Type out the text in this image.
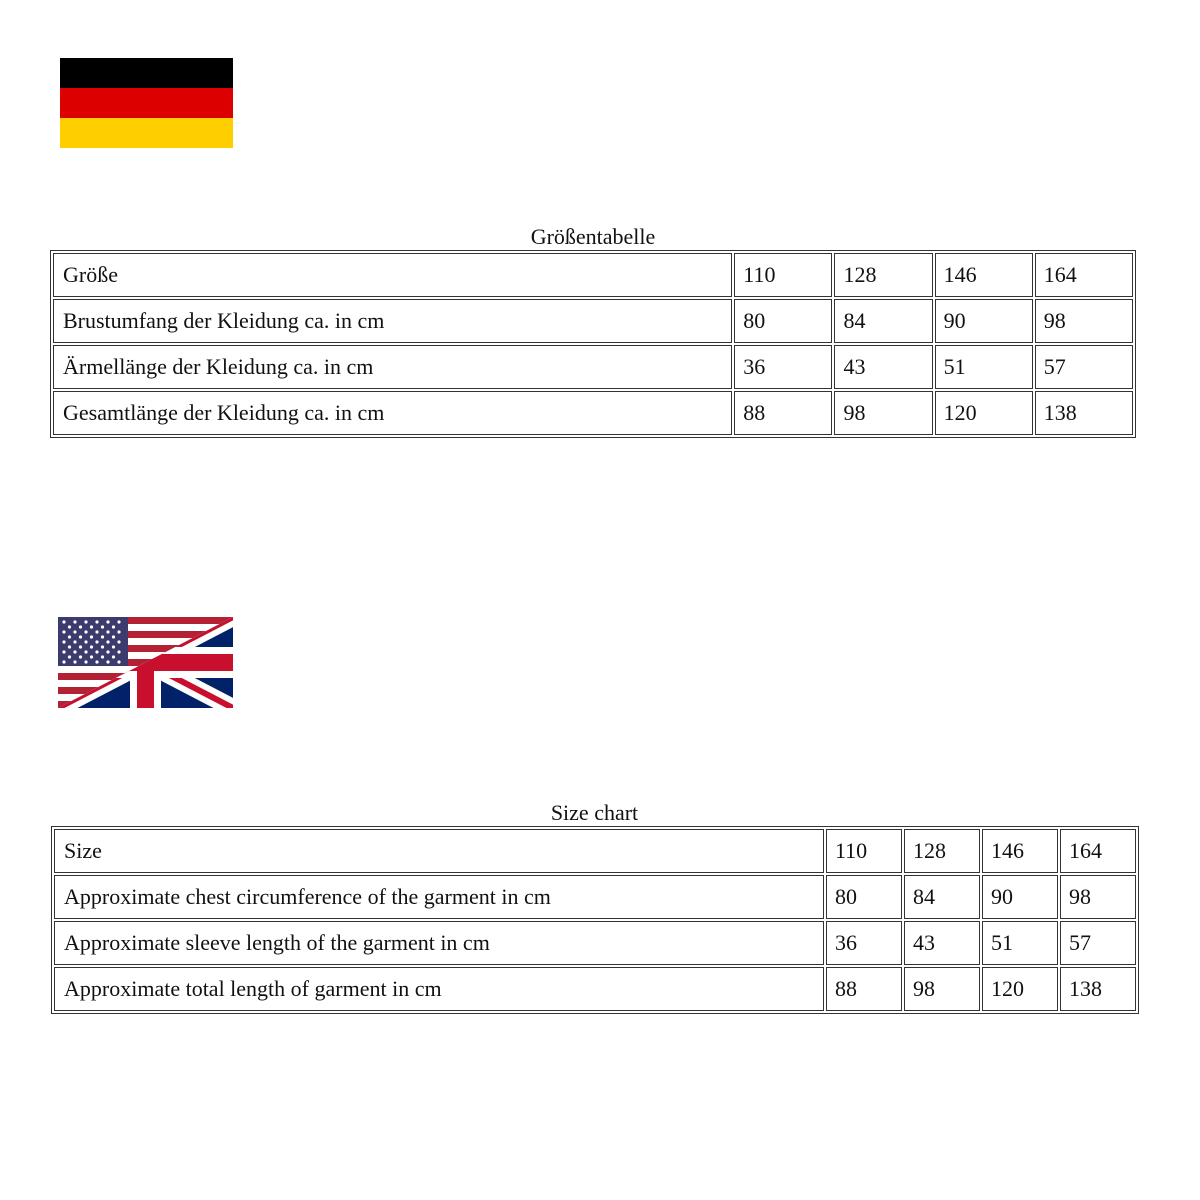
Größentabelle
Größe	110	128	146	164
Brustumfang der Kleidung ca. in cm	80	84	90	98
Ärmellänge der Kleidung ca. in cm	36	43	51	57
Gesamtlänge der Kleidung ca. in cm	88	98	120	138
Size chart
Size	110	128	146	164
Approximate chest circumference of the garment in cm	80	84	90	98
Approximate sleeve length of the garment in cm	36	43	51	57
Approximate total length of garment in cm	88	98	120	138
